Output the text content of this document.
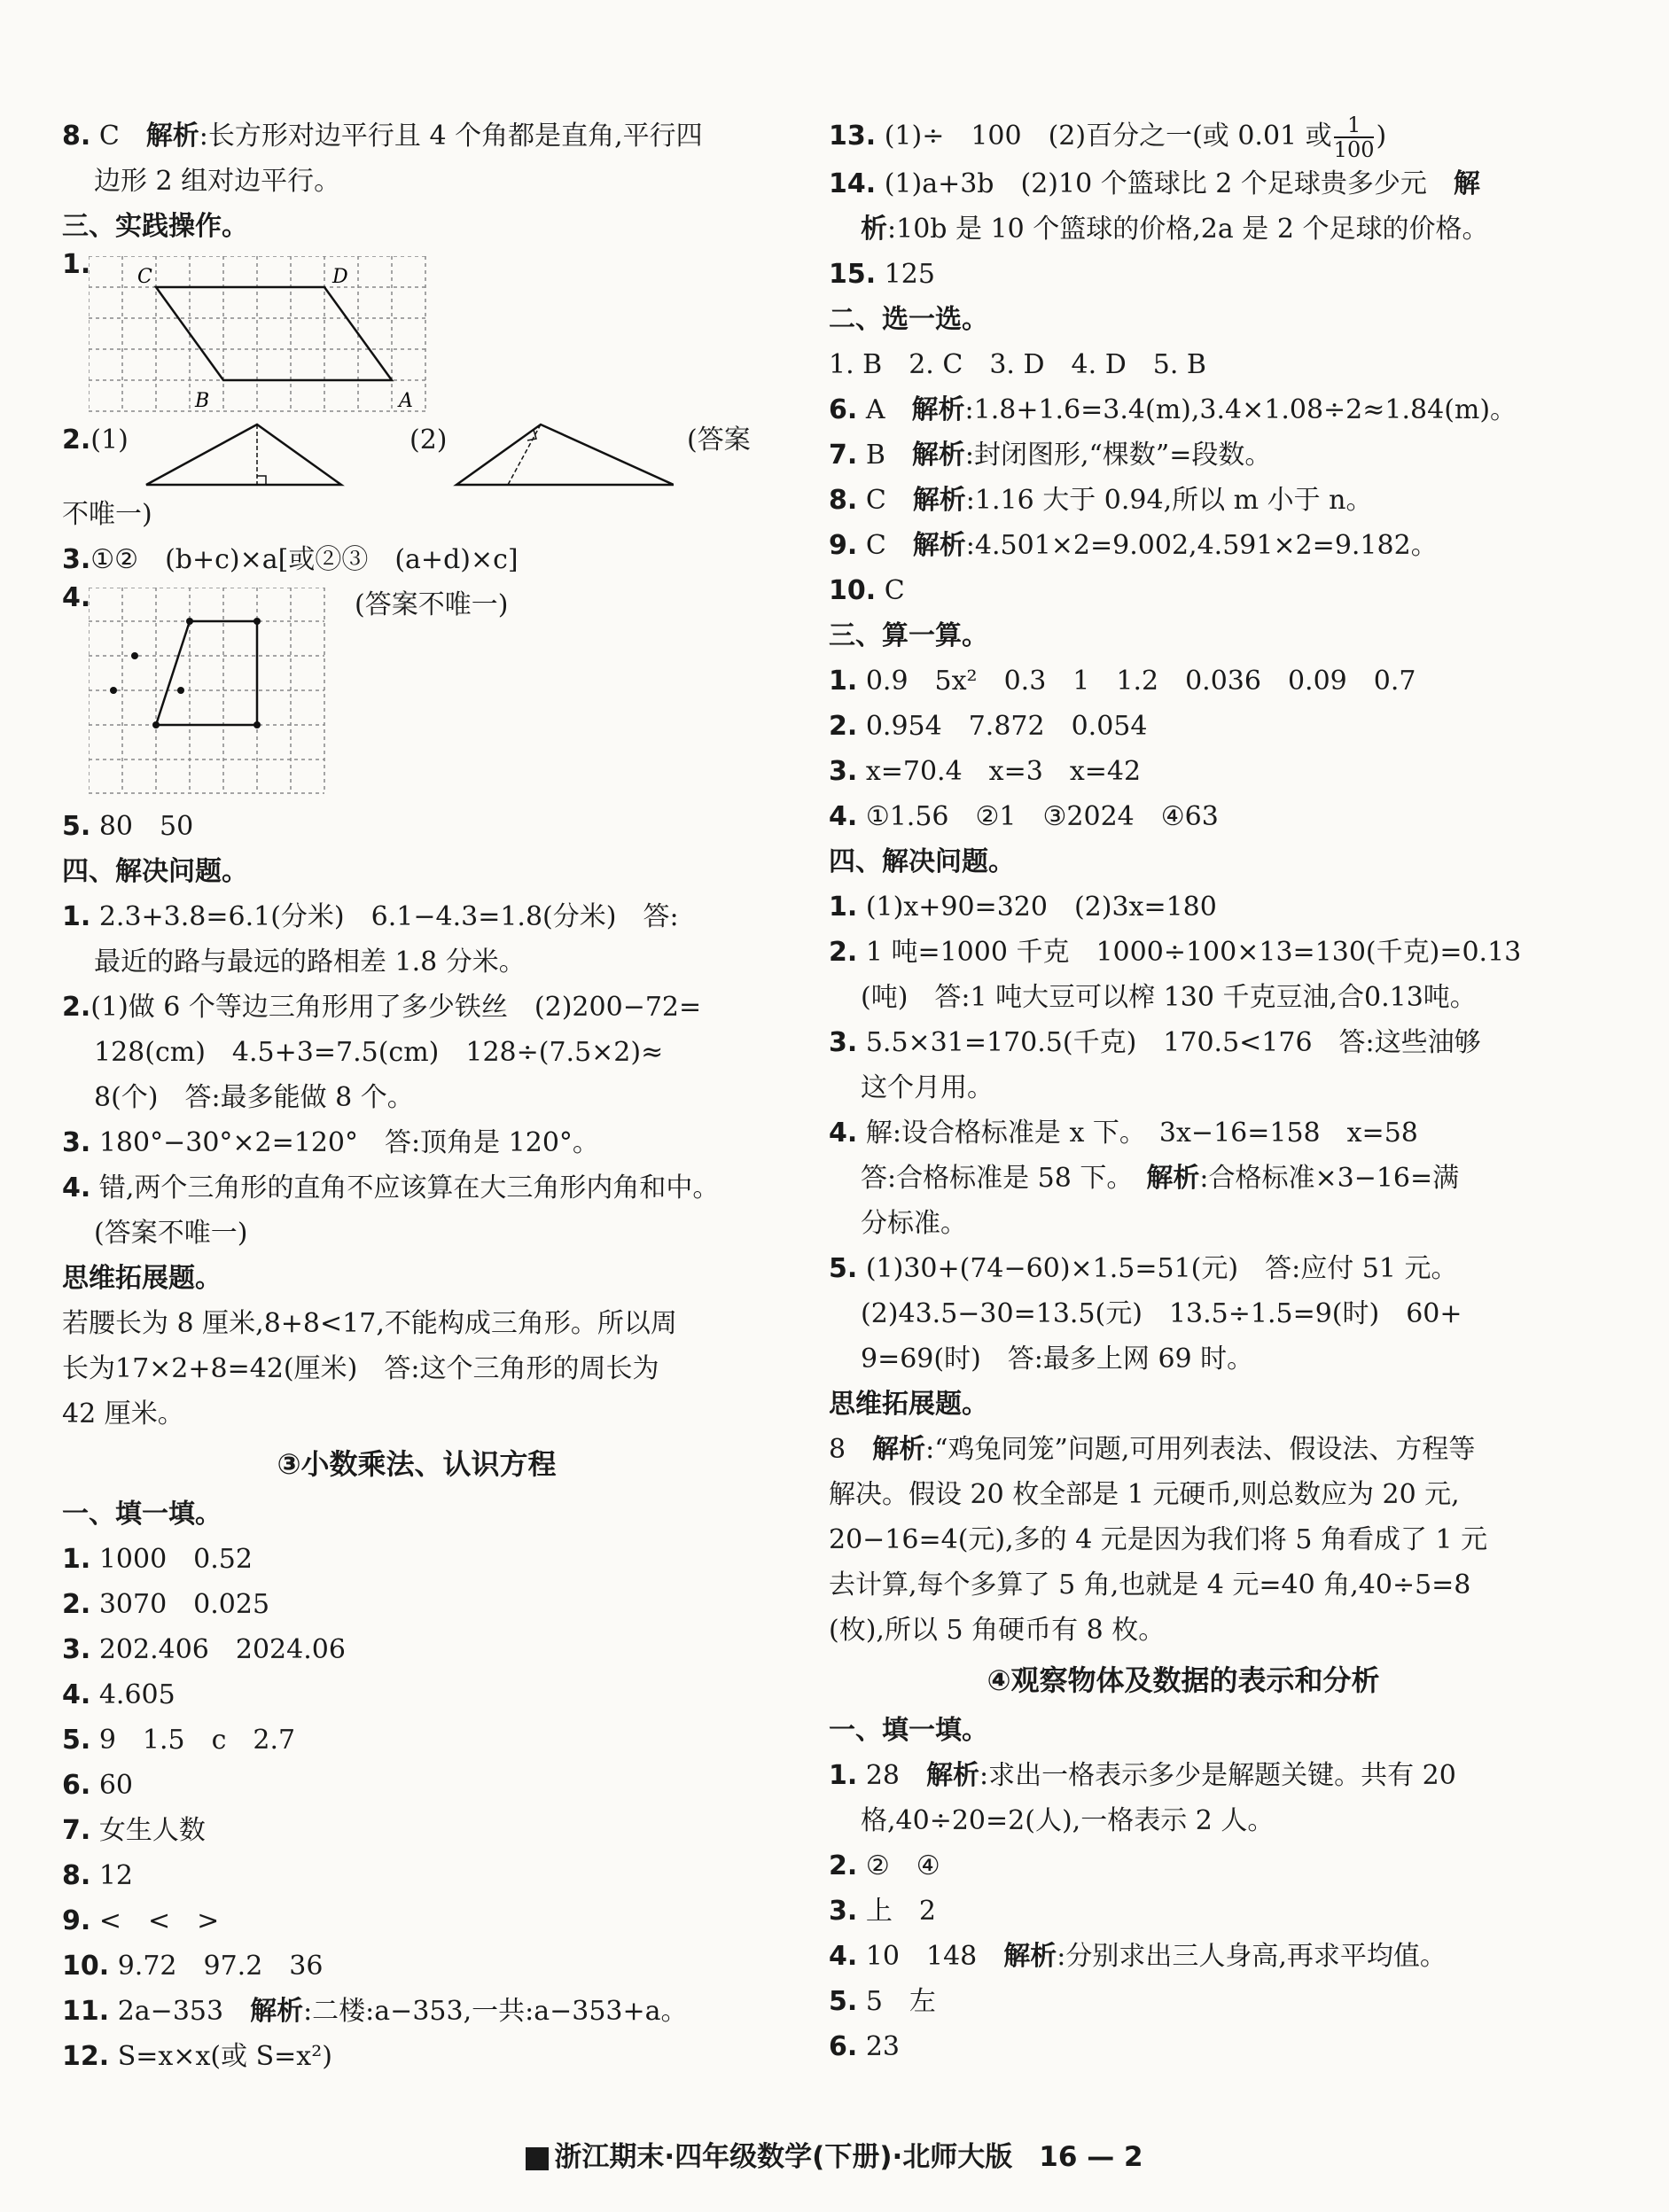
8. C　 解析:长方形对边平行且 4 个角都是直角,平行四
边形 2 组对边平行。
三、实践操作。
1. C	D
B	A
2.(1)	(2)	(答案
不唯一)
3.①②　(b+c)×a[或②③　(a+d)×c]
4.	(答案不唯一)
5. 80　50
四、解决问题。
1. 2.3+3.8=6.1(分米)　6.1−4.3=1.8(分米)　答:
最近的路与最远的路相差 1.8 分米。
2.(1)做 6 个等边三角形用了多少铁丝　(2)200−72=
128(cm)　4.5+3=7.5(cm)　128÷(7.5×2)≈
8(个)　答:最多能做 8 个。
3. 180°−30°×2=120°　答:顶角是 120°。
4. 错,两个三角形的直角不应该算在大三角形内角和中。
(答案不唯一)
思维拓展题。
若腰长为 8 厘米,8+8<17,不能构成三角形。所以周
长为17×2+8=42(厘米)　答:这个三角形的周长为
42 厘米。
③小数乘法、认识方程
一、填一填。
1. 1000　0.52
2. 3070　0.025
3. 202.406　2024.06
4. 4.605
5. 9　1.5　c　2.7
6. 60
7. 女生人数
8. 12
9. <　<　>
10. 9.72　97.2　36
11. 2a−353　解析:二楼:a−353,一共:a−353+a。
12. S=x×x(或 S=x²)
13. (1)÷　100　(2)百分之一(或 0.01 或 $\frac{1}{100}$ )
14. (1)a+3b　(2)10 个篮球比 2 个足球贵多少元　解
析:10b 是 10 个篮球的价格,2a 是 2 个足球的价格。
15. 125
二、选一选。
1. B　2. C　3. D　4. D　5. B
6. A　 解析:1.8+1.6=3.4(m),3.4×1.08÷2≈1.84(m)。
7. B　 解析:封闭图形,“棵数”=段数。
8. C　 解析:1.16 大于 0.94,所以 m 小于 n。
9. C　 解析:4.501×2=9.002,4.591×2=9.182。
10. C
三、算一算。
1. 0.9　5x²　0.3　1　1.2　0.036　0.09　0.7
2. 0.954　7.872　0.054
3. x=70.4　x=3　x=42
4. ①1.56　②1　③2024　④63
四、解决问题。
1. (1)x+90=320　(2)3x=180
2. 1 吨=1000 千克　1000÷100×13=130(千克)=0.13
(吨)　答:1 吨大豆可以榨 130 千克豆油,合0.13吨。
3. 5.5×31=170.5(千克)　170.5<176　答:这些油够
这个月用。
4. 解:设合格标准是 x 下。　3x−16=158　x=58
答:合格标准是 58 下。　解析:合格标准×3−16=满
分标准。
5. (1)30+(74−60)×1.5=51(元)　答:应付 51 元。
(2)43.5−30=13.5(元)　13.5÷1.5=9(时)　60+
9=69(时)　答:最多上网 69 时。
思维拓展题。
8　解析:“鸡兔同笼”问题,可用列表法、假设法、方程等
解决。假设 20 枚全部是 1 元硬币,则总数应为 20 元,
20−16=4(元),多的 4 元是因为我们将 5 角看成了 1 元
去计算,每个多算了 5 角,也就是 4 元=40 角,40÷5=8
(枚),所以 5 角硬币有 8 枚。
④观察物体及数据的表示和分析
一、填一填。
1. 28　解析:求出一格表示多少是解题关键。共有 20
格,40÷20=2(人),一格表示 2 人。
2. ②　④
3. 上　2
4. 10　148　解析:分别求出三人身高,再求平均值。
5. 5　左
6. 23
浙江期末·四年级数学(下册)·北师大版 16 — 2
